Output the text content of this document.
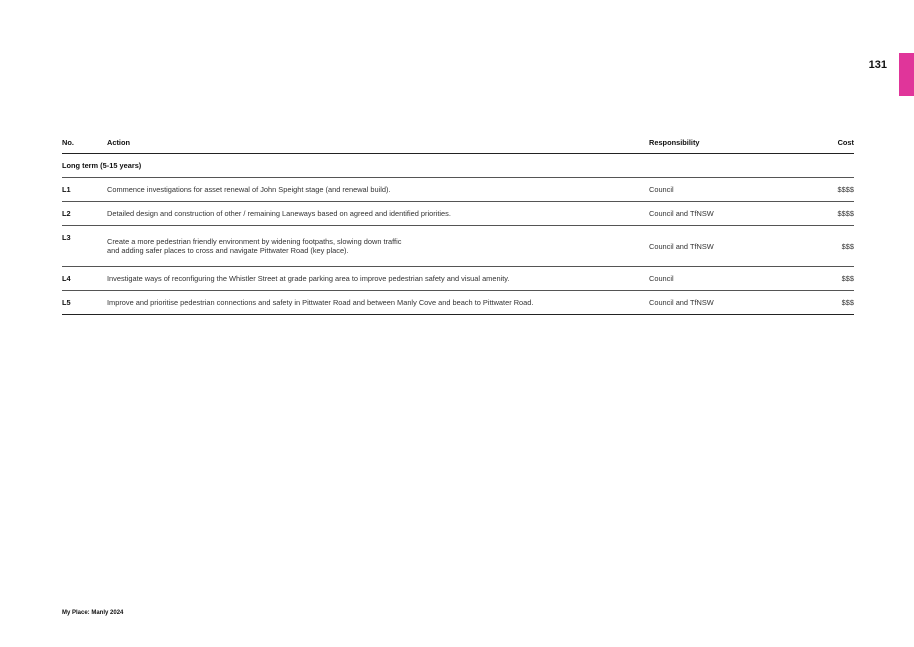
131
No.	Action	Responsibility	Cost
Long term (5-15 years)			
L1	Commence investigations for asset renewal of John Speight stage (and renewal build).	Council	$$$$
L2	Detailed design and construction of other / remaining Laneways based on agreed and identified priorities.	Council and TfNSW	$$$$
L3	Create a more pedestrian friendly environment by widening footpaths, slowing down traffic
and adding safer places to cross and navigate Pittwater Road (key place).	Council and TfNSW	$$$
L4	Investigate ways of reconfiguring the Whistler Street at grade parking area to improve pedestrian safety and visual amenity.	Council	$$$
L5	Improve and prioritise pedestrian connections and safety in Pittwater Road and between Manly Cove and beach to Pittwater Road.	Council and TfNSW	$$$
My Place: Manly 2024
